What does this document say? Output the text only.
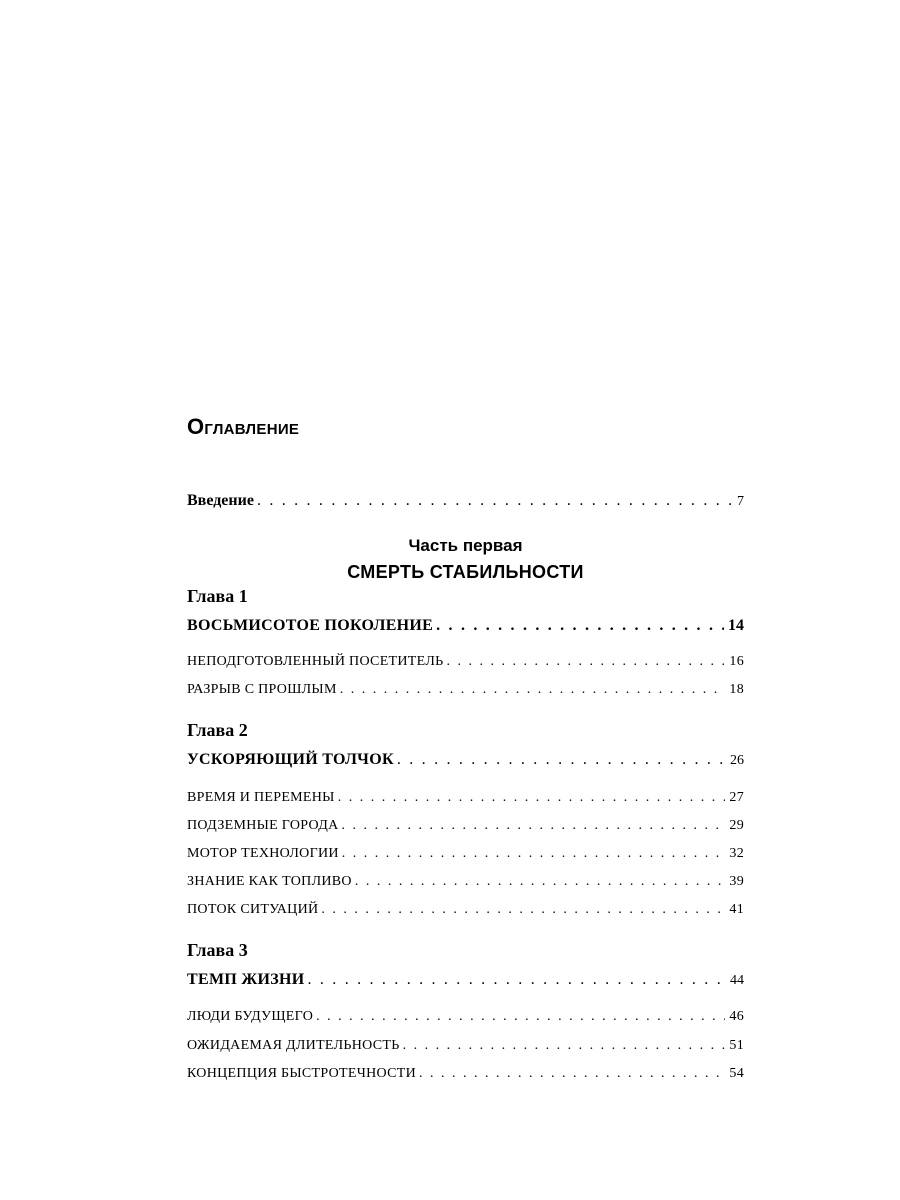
Оглавление
Введение . . .	7
Часть первая
СМЕРТЬ СТАБИЛЬНОСТИ
Глава 1
ВОСЬМИСОТОЕ ПОКОЛЕНИЕ . . .	14
НЕПОДГОТОВЛЕННЫЙ ПОСЕТИТЕЛЬ . . .	16
РАЗРЫВ С ПРОШЛЫМ . . .	18
Глава 2
УСКОРЯЮЩИЙ ТОЛЧОК . . .	26
ВРЕМЯ И ПЕРЕМЕНЫ . . .	27
ПОДЗЕМНЫЕ ГОРОДА . . .	29
МОТОР ТЕХНОЛОГИИ . . .	32
ЗНАНИЕ КАК ТОПЛИВО . . .	39
ПОТОК СИТУАЦИЙ . . .	41
Глава 3
ТЕМП ЖИЗНИ . . .	44
ЛЮДИ БУДУЩЕГО . . .	46
ОЖИДАЕМАЯ ДЛИТЕЛЬНОСТЬ . . .	51
КОНЦЕПЦИЯ БЫСТРОТЕЧНОСТИ . . .	54
